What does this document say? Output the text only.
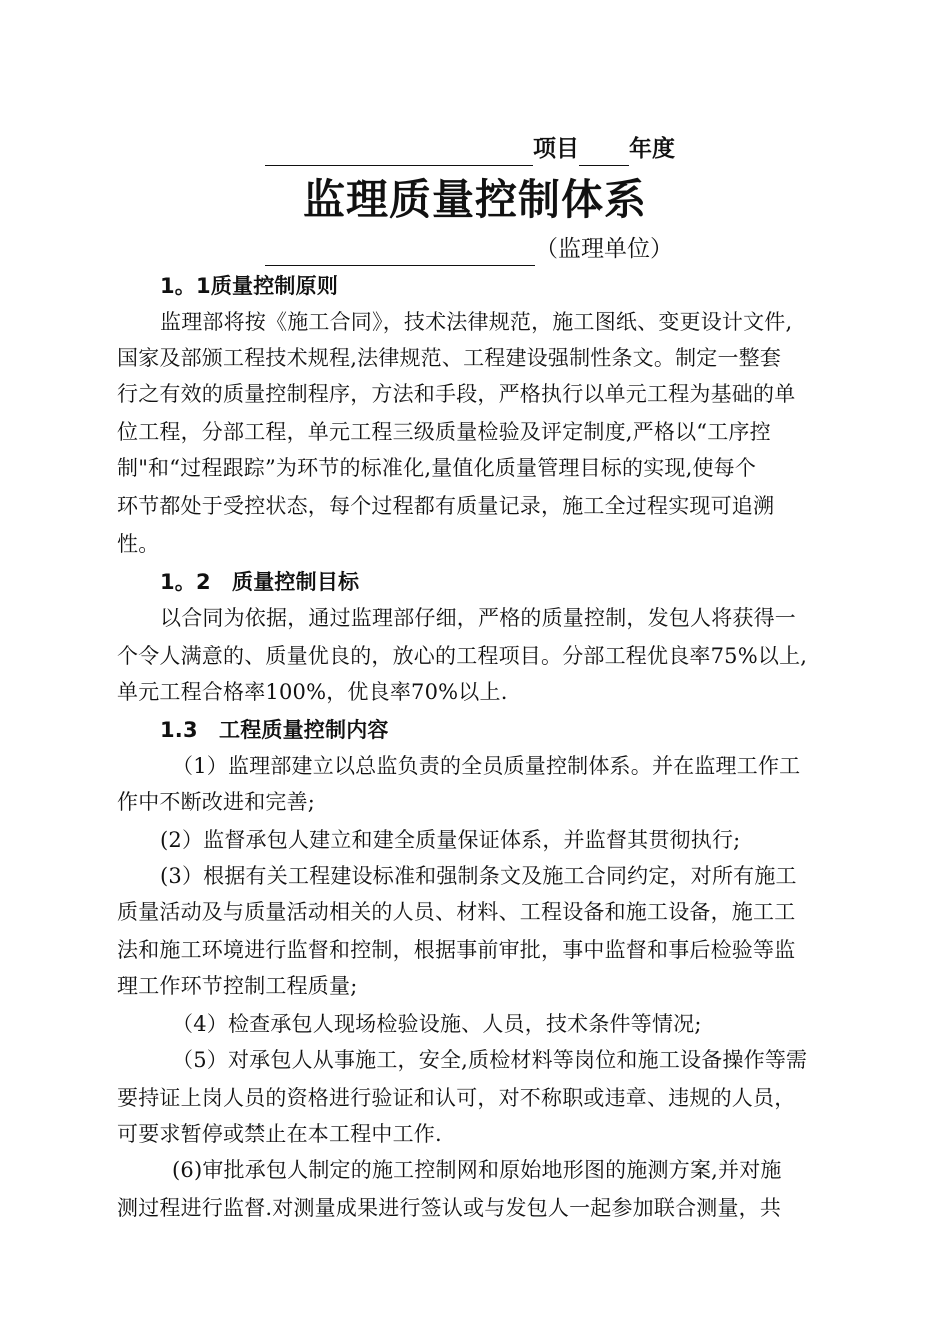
项目 年度
监理质量控制体系
（监理单位）
1。1质量控制原则
监理部将按《施工合同》，技术法律规范，施工图纸、变更设计文件,
国家及部颁工程技术规程,法律规范、工程建设强制性条文。制定一整套
行之有效的质量控制程序，方法和手段，严格执行以单元工程为基础的单
位工程，分部工程，单元工程三级质量检验及评定制度,严格以“工序控
制"和“过程跟踪”为环节的标准化,量值化质量管理目标的实现,使每个
环节都处于受控状态，每个过程都有质量记录，施工全过程实现可追溯
性。
1。2　质量控制目标
以合同为依据，通过监理部仔细，严格的质量控制，发包人将获得一
个令人满意的、质量优良的，放心的工程项目。分部工程优良率75%以上,
单元工程合格率100%，优良率70%以上.
1.3　工程质量控制内容
（1）监理部建立以总监负责的全员质量控制体系。并在监理工作工
作中不断改进和完善;
(2）监督承包人建立和建全质量保证体系，并监督其贯彻执行;
(3）根据有关工程建设标准和强制条文及施工合同约定，对所有施工
质量活动及与质量活动相关的人员、材料、工程设备和施工设备，施工工
法和施工环境进行监督和控制，根据事前审批，事中监督和事后检验等监
理工作环节控制工程质量;
（4）检查承包人现场检验设施、人员，技术条件等情况;
（5）对承包人从事施工，安全,质检材料等岗位和施工设备操作等需
要持证上岗人员的资格进行验证和认可，对不称职或违章、违规的人员，
可要求暂停或禁止在本工程中工作.
(6)审批承包人制定的施工控制网和原始地形图的施测方案,并对施
测过程进行监督.对测量成果进行签认或与发包人一起参加联合测量，共
